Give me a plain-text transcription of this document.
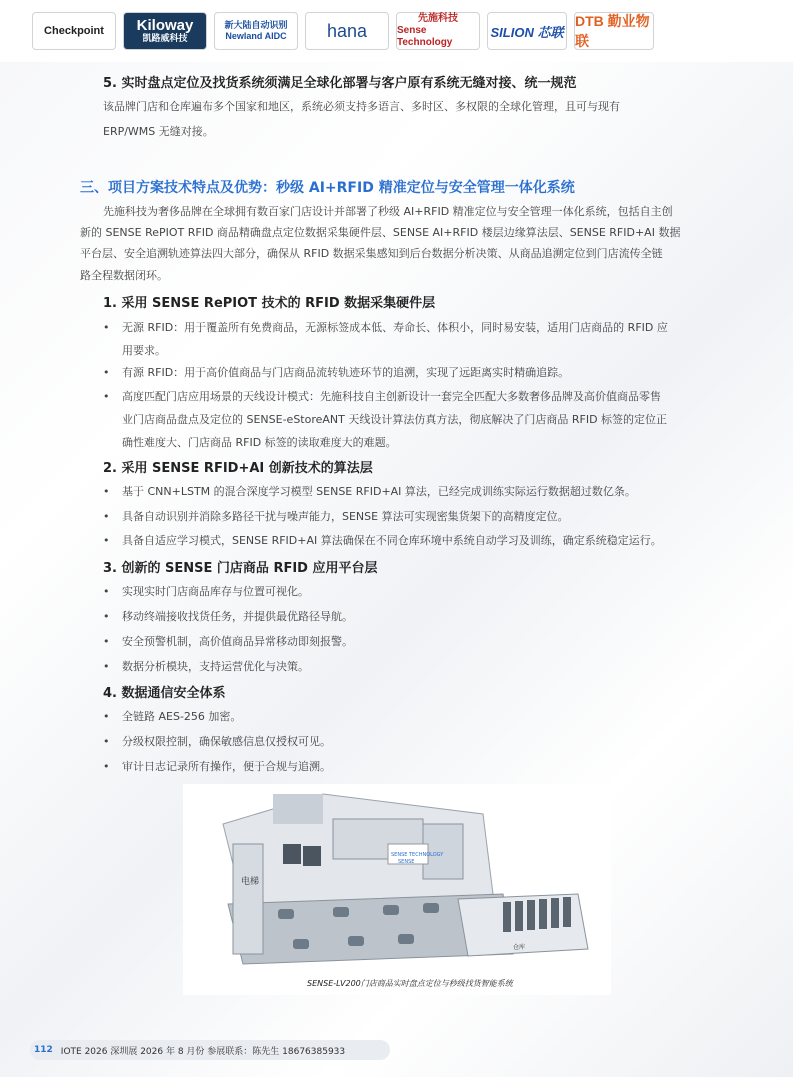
Checkpoint Kiloway
凯路威科技
新大陆自动识别
Newland AIDC hana
先施科技
Sense Technology
SILION 芯联
DTB 勤业物联
5. 实时盘点定位及找货系统须满足全球化部署与客户原有系统无缝对接、统一规范
该品牌门店和仓库遍布多个国家和地区，系统必须支持多语言、多时区、多权限的全球化管理，且可与现有
ERP/WMS 无缝对接。
三、项目方案技术特点及优势：秒级 AI+RFID 精准定位与安全管理一体化系统
先施科技为奢侈品牌在全球拥有数百家门店设计并部署了秒级 AI+RFID 精准定位与安全管理一体化系统，包括自主创
新的 SENSE RePIOT RFID 商品精确盘点定位数据采集硬件层、SENSE AI+RFID 楼层边缘算法层、SENSE RFID+AI 数据
平台层、安全追溯轨迹算法四大部分，确保从 RFID 数据采集感知到后台数据分析决策、从商品追溯定位到门店流传全链
路全程数据闭环。
1. 采用 SENSE RePIOT 技术的 RFID 数据采集硬件层
•	无源 RFID：用于覆盖所有免费商品，无源标签成本低、寿命长、体积小，同时易安装，适用门店商品的 RFID 应
用要求。
•	有源 RFID：用于高价值商品与门店商品流转轨迹环节的追溯，实现了远距离实时精确追踪。
•	高度匹配门店应用场景的天线设计模式：先施科技自主创新设计一套完全匹配大多数奢侈品牌及高价值商品零售
业门店商品盘点及定位的 SENSE-eStoreANT 天线设计算法仿真方法，彻底解决了门店商品 RFID 标签的定位正
确性难度大、门店商品 RFID 标签的读取难度大的难题。
2. 采用 SENSE RFID+AI 创新技术的算法层
•	基于 CNN+LSTM 的混合深度学习模型 SENSE RFID+AI 算法，已经完成训练实际运行数据超过数亿条。
•	具备自动识别并消除多路径干扰与噪声能力，SENSE 算法可实现密集货架下的高精度定位。
•	具备自适应学习模式，SENSE RFID+AI 算法确保在不同仓库环境中系统自动学习及训练，确定系统稳定运行。
3. 创新的 SENSE 门店商品 RFID 应用平台层
•	实现实时门店商品库存与位置可视化。
•	移动终端接收找货任务，并提供最优路径导航。
•	安全预警机制，高价值商品异常移动即刻报警。
•	数据分析模块，支持运营优化与决策。
4. 数据通信安全体系
•	全链路 AES-256 加密。
•	分级权限控制，确保敏感信息仅授权可见。
•	审计日志记录所有操作，便于合规与追溯。
SENSE TECHNOLOGY
SENSE
电梯
仓库
SENSE-LV200门店商品实时盘点定位与秒级找货智能系统
112 IOTE 2026 深圳展 2026 年 8 月份 参展联系：陈先生 18676385933
